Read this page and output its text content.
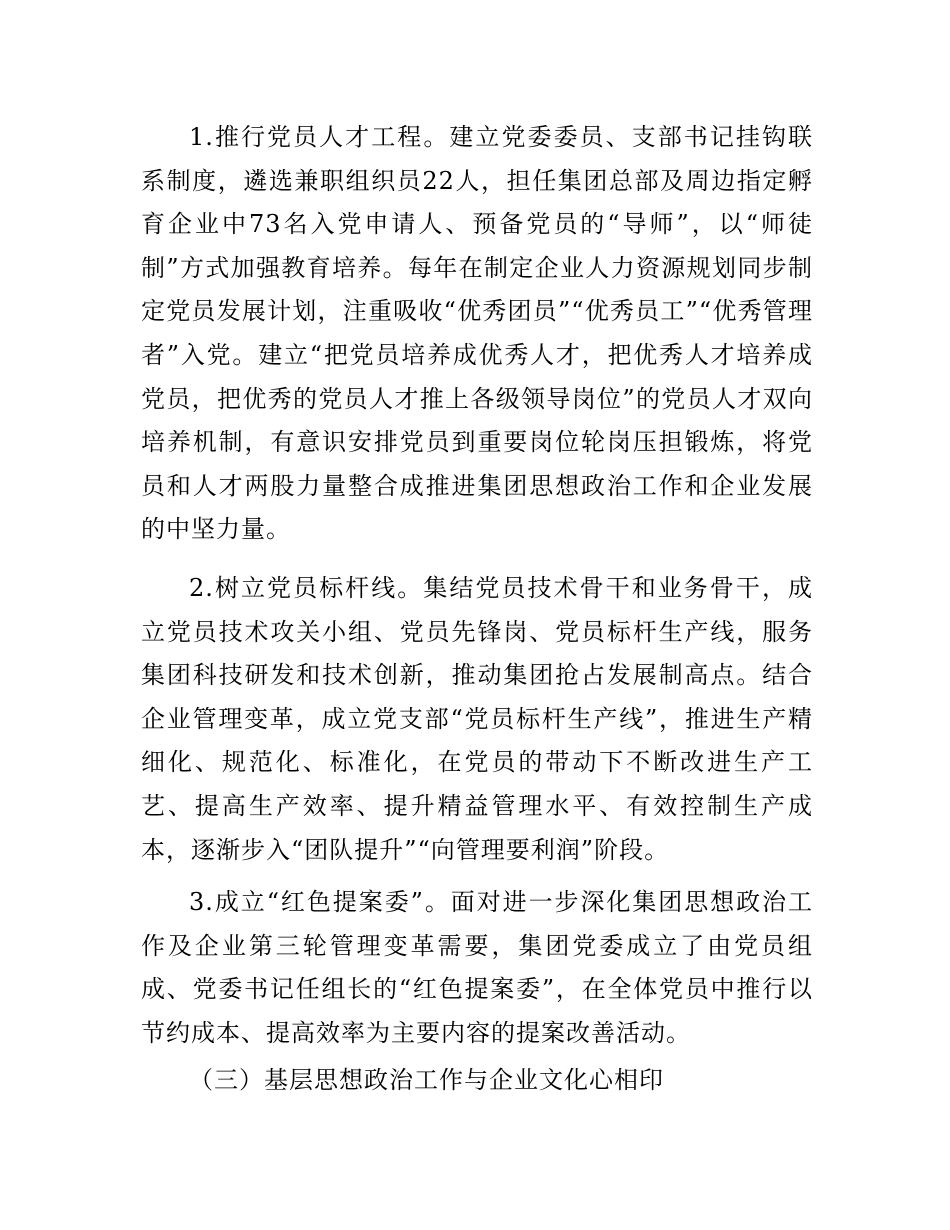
1.推行党员人才工程。建立党委委员、支部书记挂钩联系制度，遴选兼职组织员22人，担任集团总部及周边指定孵育企业中73名入党申请人、预备党员的“导师”，以“师徒制”方式加强教育培养。每年在制定企业人力资源规划同步制定党员发展计划，注重吸收“优秀团员”“优秀员工”“优秀管理者”入党。建立“把党员培养成优秀人才，把优秀人才培养成党员，把优秀的党员人才推上各级领导岗位”的党员人才双向培养机制，有意识安排党员到重要岗位轮岗压担锻炼，将党员和人才两股力量整合成推进集团思想政治工作和企业发展的中坚力量。

2.树立党员标杆线。集结党员技术骨干和业务骨干，成立党员技术攻关小组、党员先锋岗、党员标杆生产线，服务集团科技研发和技术创新，推动集团抢占发展制高点。结合企业管理变革，成立党支部“党员标杆生产线”，推进生产精细化、规范化、标准化，在党员的带动下不断改进生产工艺、提高生产效率、提升精益管理水平、有效控制生产成本，逐渐步入“团队提升”“向管理要利润”阶段。

3.成立“红色提案委”。面对进一步深化集团思想政治工作及企业第三轮管理变革需要，集团党委成立了由党员组成、党委书记任组长的“红色提案委”，在全体党员中推行以节约成本、提高效率为主要内容的提案改善活动。

（三）基层思想政治工作与企业文化心相印
